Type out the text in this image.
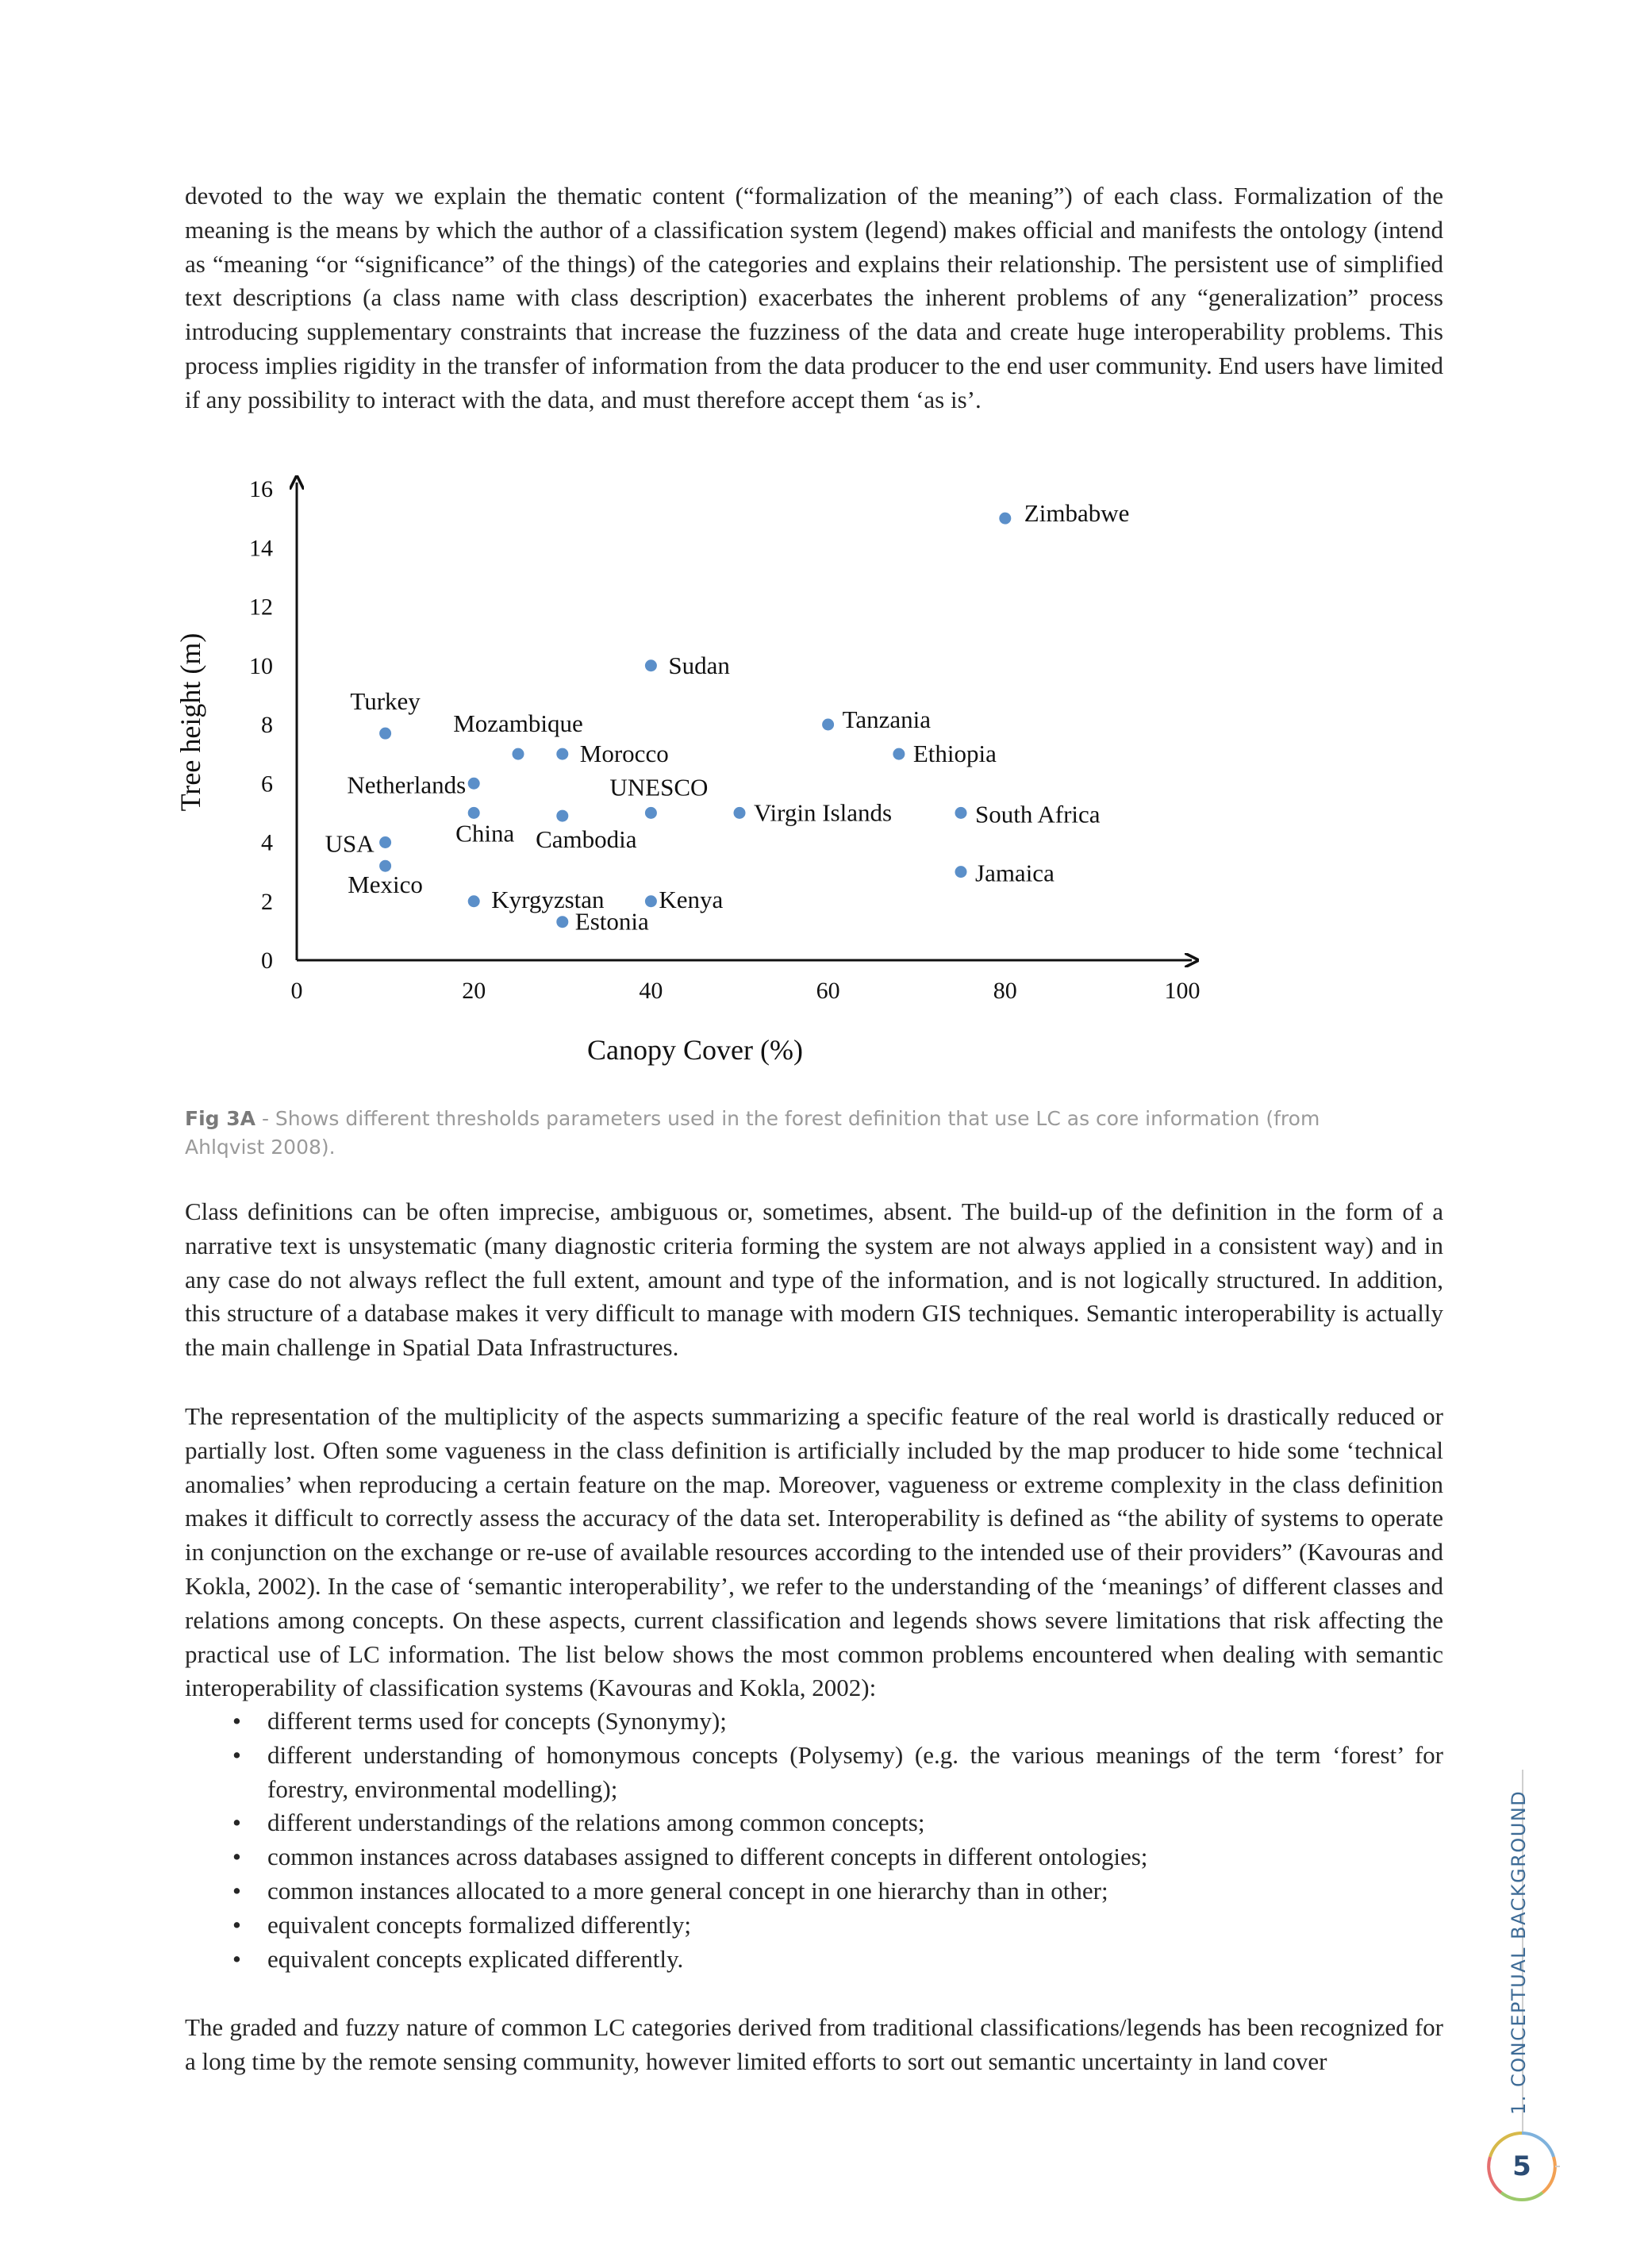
devoted to the way we explain the thematic content (“formalization of the meaning”) of each class. Formalization of the meaning is the means by which the author of a classification system (legend) makes official and manifests the ontology (intend as “meaning “or “significance” of the things) of the categories and explains their relationship. The persistent use of simplified text descriptions (a class name with class description) exacerbates the inherent problems of any “generalization” process introducing supplementary constraints that increase the fuzziness of the data and create huge interoperability problems. This process implies rigidity in the transfer of information from the data producer to the end user community. End users have limited if any possibility to interact with the data, and must therefore accept them ‘as is’.

0
2
4
6
8
10
12
14
16
0	20	40	60	80	100
Zimbabwe
Sudan
Turkey
Tanzania
Mozambique
Morocco	Ethiopia
Netherlands	UNESCO
China Cambodia
Virgin Islands	South Africa
USA
Mexico	Jamaica
Kyrgyzstan Kenya
Estonia
Tree height (m)
Canopy Cover (%)
Fig 3A - Shows different thresholds parameters used in the forest definition that use LC as core information (from Ahlqvist 2008).

Class definitions can be often imprecise, ambiguous or, sometimes, absent. The build-up of the definition in the form of a narrative text is unsystematic (many diagnostic criteria forming the system are not always applied in a consistent way) and in any case do not always reflect the full extent, amount and type of the information, and is not logically structured. In addition, this structure of a database makes it very difficult to manage with modern GIS techniques. Semantic interoperability is actually the main challenge in Spatial Data Infrastructures.

The representation of the multiplicity of the aspects summarizing a specific feature of the real world is drastically reduced or partially lost. Often some vagueness in the class definition is artificially included by the map producer to hide some ‘technical anomalies’ when reproducing a certain feature on the map. Moreover, vagueness or extreme complexity in the class definition makes it difficult to correctly assess the accuracy of the data set. Interoperability is defined as “the ability of systems to operate in conjunction on the exchange or re-use of available resources according to the intended use of their providers” (Kavouras and Kokla, 2002). In the case of ‘semantic interoperability’, we refer to the understanding of the ‘meanings’ of different classes and relations among concepts. On these aspects, current classification and legends shows severe limitations that risk affecting the practical use of LC information. The list below shows the most common problems encountered when dealing with semantic interoperability of classification systems (Kavouras and Kokla, 2002):

• different terms used for concepts (Synonymy);
• different understanding of homonymous concepts (Polysemy) (e.g. the various meanings of the term ‘forest’ for forestry, environmental modelling);
• different understandings of the relations among common concepts;
• common instances across databases assigned to different concepts in different ontologies;
• common instances allocated to a more general concept in one hierarchy than in other;
• equivalent concepts formalized differently;
• equivalent concepts explicated differently.

The graded and fuzzy nature of common LC categories derived from traditional classifications/legends has been recognized for a long time by the remote sensing community, however limited efforts to sort out semantic uncertainty in land cover	1. CONCEPTUAL BACKGROUND
5
